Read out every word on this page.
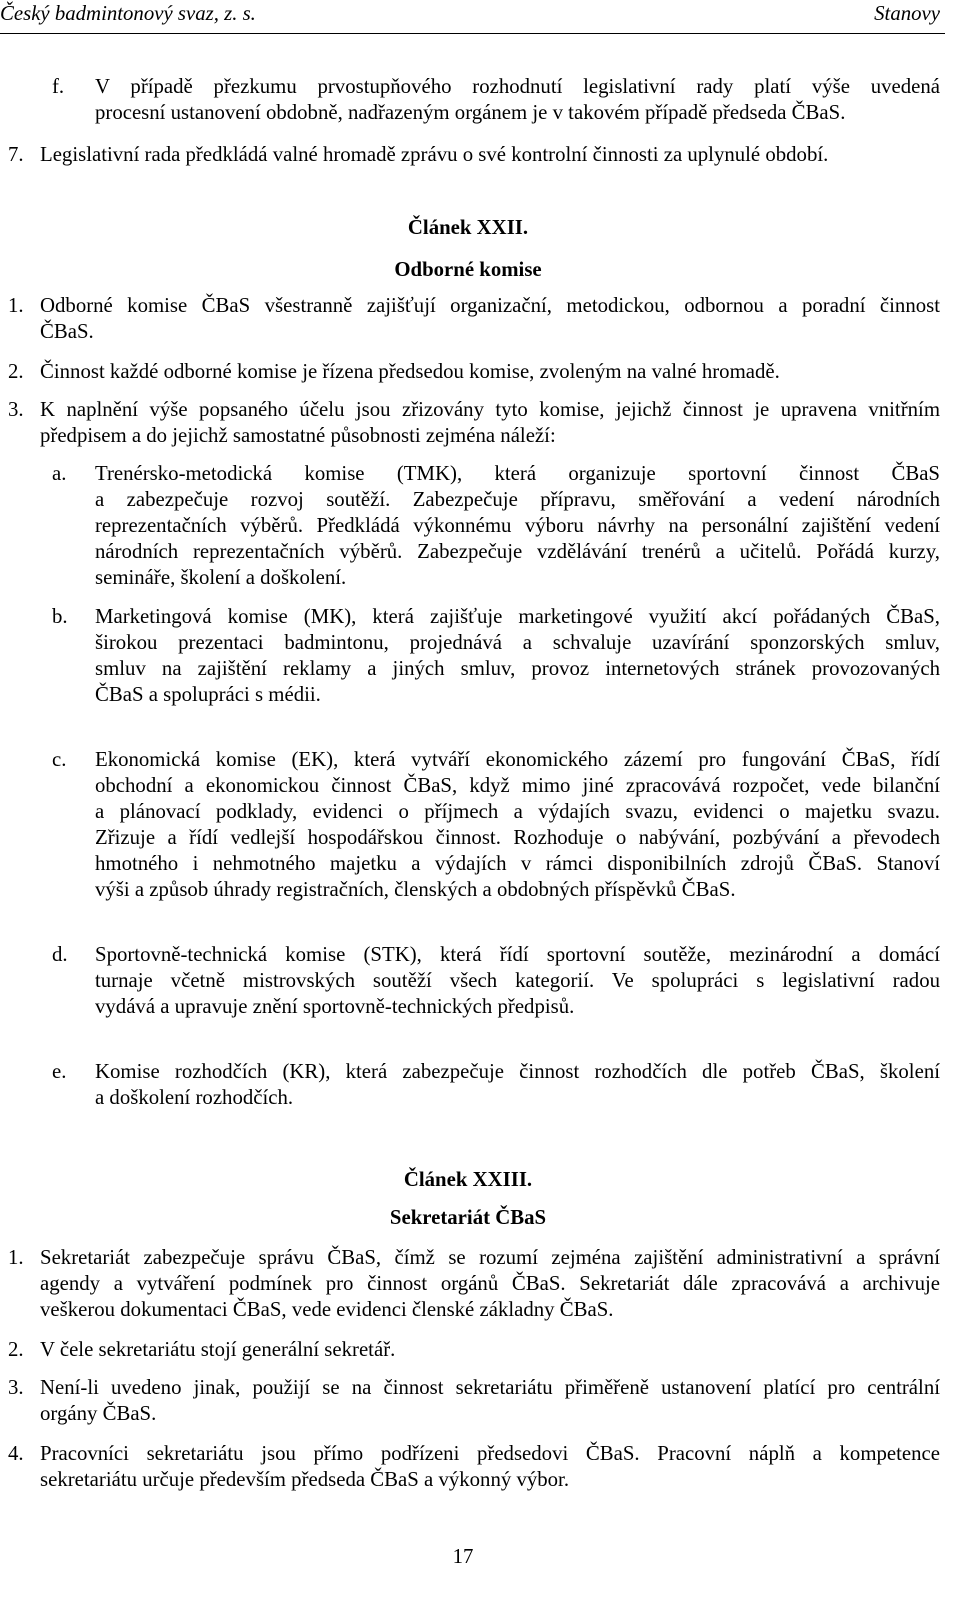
Český badmintonový svaz, z. s.	Stanovy
f. V případě přezkumu prvostupňového rozhodnutí legislativní rady platí výše uvedená
procesní ustanovení obdobně, nadřazeným orgánem je v takovém případě předseda ČBaS.
7. Legislativní rada předkládá valné hromadě zprávu o své kontrolní činnosti za uplynulé období.
Článek XXII.
Odborné komise
1. Odborné komise ČBaS všestranně zajišťují organizační, metodickou, odbornou a poradní činnost
ČBaS.
2. Činnost každé odborné komise je řízena předsedou komise, zvoleným na valné hromadě.
3. K naplnění výše popsaného účelu jsou zřizovány tyto komise, jejichž činnost je upravena vnitřním
předpisem a do jejichž samostatné působnosti zejména náleží:
a. Trenérsko-metodická komise (TMK), která organizuje sportovní činnost ČBaS
a zabezpečuje rozvoj soutěží. Zabezpečuje přípravu, směřování a vedení národních
reprezentačních výběrů. Předkládá výkonnému výboru návrhy na personální zajištění vedení
národních reprezentačních výběrů. Zabezpečuje vzdělávání trenérů a učitelů. Pořádá kurzy,
semináře, školení a doškolení.
b. Marketingová komise (MK), která zajišťuje marketingové využití akcí pořádaných ČBaS,
širokou prezentaci badmintonu, projednává a schvaluje uzavírání sponzorských smluv,
smluv na zajištění reklamy a jiných smluv, provoz internetových stránek provozovaných
ČBaS a spolupráci s médii.
c. Ekonomická komise (EK), která vytváří ekonomického zázemí pro fungování ČBaS, řídí
obchodní a ekonomickou činnost ČBaS, když mimo jiné zpracovává rozpočet, vede bilanční
a plánovací podklady, evidenci o příjmech a výdajích svazu, evidenci o majetku svazu.
Zřizuje a řídí vedlejší hospodářskou činnost. Rozhoduje o nabývání, pozbývání a převodech
hmotného i nehmotného majetku a výdajích v rámci disponibilních zdrojů ČBaS. Stanoví
výši a způsob úhrady registračních, členských a obdobných příspěvků ČBaS.
d. Sportovně-technická komise (STK), která řídí sportovní soutěže, mezinárodní a domácí
turnaje včetně mistrovských soutěží všech kategorií. Ve spolupráci s legislativní radou
vydává a upravuje znění sportovně-technických předpisů.
e. Komise rozhodčích (KR), která zabezpečuje činnost rozhodčích dle potřeb ČBaS, školení
a doškolení rozhodčích.
Článek XXIII.
Sekretariát ČBaS
1. Sekretariát zabezpečuje správu ČBaS, čímž se rozumí zejména zajištění administrativní a správní
agendy a vytváření podmínek pro činnost orgánů ČBaS. Sekretariát dále zpracovává a archivuje
veškerou dokumentaci ČBaS, vede evidenci členské základny ČBaS.
2. V čele sekretariátu stojí generální sekretář.
3. Není-li uvedeno jinak, použijí se na činnost sekretariátu přiměřeně ustanovení platící pro centrální
orgány ČBaS.
4. Pracovníci sekretariátu jsou přímo podřízeni předsedovi ČBaS. Pracovní náplň a kompetence
sekretariátu určuje především předseda ČBaS a výkonný výbor.
17
